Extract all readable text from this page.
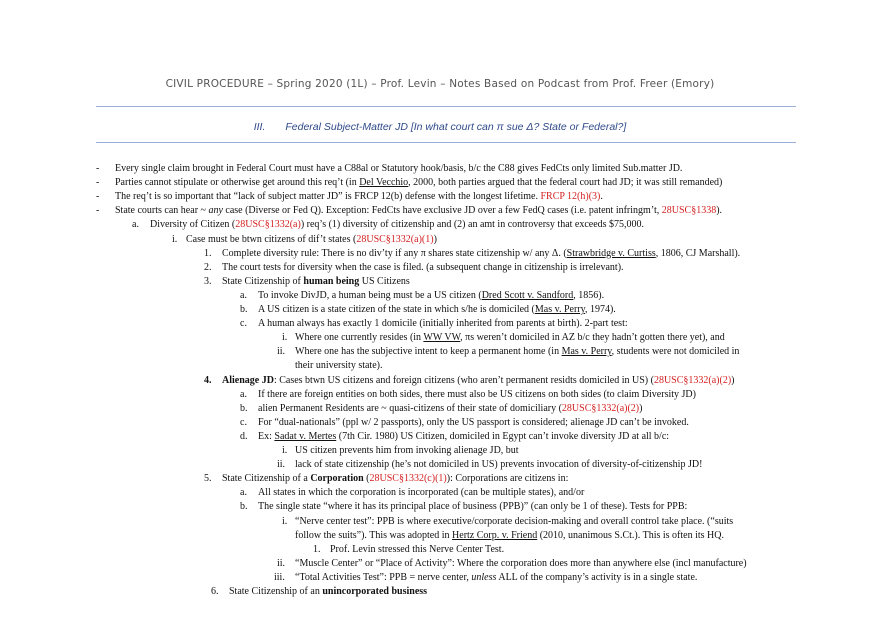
CIVIL PROCEDURE – Spring 2020 (1L) – Prof. Levin – Notes Based on Podcast from Prof. Freer (Emory)
III. Federal Subject-Matter JD [In what court can π sue Δ? State or Federal?]
- Every single claim brought in Federal Court must have a C88al or Statutory hook/basis, b/c the C88 gives FedCts only limited Sub.matter JD.
- Parties cannot stipulate or otherwise get around this req’t (in Del Vecchio, 2000, both parties argued that the federal court had JD; it was still remanded)
- The req’t is so important that “lack of subject matter JD” is FRCP 12(b) defense with the longest lifetime. FRCP 12(h)(3).
- State courts can hear ~ any case (Diverse or Fed Q). Exception: FedCts have exclusive JD over a few FedQ cases (i.e. patent infringm’t, 28USC§1338).
a. Diversity of Citizen (28USC§1332(a)) req’s (1) diversity of citizenship and (2) an amt in controversy that exceeds $75,000.
i. Case must be btwn citizens of dif’t states (28USC§1332(a)(1))
1. Complete diversity rule: There is no div’ty if any π shares state citizenship w/ any Δ. (Strawbridge v. Curtiss, 1806, CJ Marshall).
2. The court tests for diversity when the case is filed. (a subsequent change in citizenship is irrelevant).
3. State Citizenship of human being US Citizens
a. To invoke DivJD, a human being must be a US citizen (Dred Scott v. Sandford, 1856).
b. A US citizen is a state citizen of the state in which s/he is domiciled (Mas v. Perry, 1974).
c. A human always has exactly 1 domicile (initially inherited from parents at birth). 2-part test:
i. Where one currently resides (in WW VW, πs weren’t domiciled in AZ b/c they hadn’t gotten there yet), and
ii. Where one has the subjective intent to keep a permanent home (in Mas v. Perry, students were not domiciled in
their university state).
4. Alienage JD: Cases btwn US citizens and foreign citizens (who aren’t permanent residts domiciled in US) (28USC§1332(a)(2))
a. If there are foreign entities on both sides, there must also be US citizens on both sides (to claim Diversity JD)
b. alien Permanent Residents are ~ quasi-citizens of their state of domiciliary (28USC§1332(a)(2))
c. For “dual-nationals” (ppl w/ 2 passports), only the US passport is considered; alienage JD can’t be invoked.
d. Ex: Sadat v. Mertes (7th Cir. 1980) US Citizen, domiciled in Egypt can’t invoke diversity JD at all b/c:
i. US citizen prevents him from invoking alienage JD, but
ii. lack of state citizenship (he’s not domiciled in US) prevents invocation of diversity-of-citizenship JD!
5. State Citizenship of a Corporation (28USC§1332(c)(1)): Corporations are citizens in:
a. All states in which the corporation is incorporated (can be multiple states), and/or
b. The single state “where it has its principal place of business (PPB)” (can only be 1 of these). Tests for PPB:
i. “Nerve center test”: PPB is where executive/corporate decision-making and overall control take place. (“suits
follow the suits”). This was adopted in Hertz Corp. v. Friend (2010, unanimous S.Ct.). This is often its HQ.
1. Prof. Levin stressed this Nerve Center Test.
ii. “Muscle Center” or “Place of Activity”: Where the corporation does more than anywhere else (incl manufacture)
iii. “Total Activities Test”: PPB = nerve center, unless ALL of the company’s activity is in a single state.
6. State Citizenship of an unincorporated business
